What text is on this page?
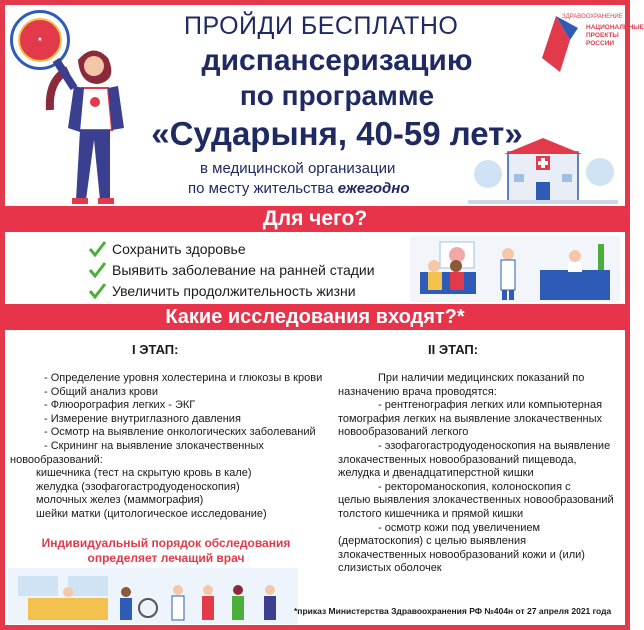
★
ЗДРАВООХРАНЕНИЕ
НАЦИОНАЛЬНЫЕ
ПРОЕКТЫ
РОССИИ
ПРОЙДИ БЕСПЛАТНО
диспансеризацию
по программе
«Сударыня, 40-59 лет»
в медицинской организации
по месту жительства ежегодно
Для чего?
Сохранить здоровье
Выявить заболевание на ранней стадии
Увеличить продолжительность жизни
Какие исследования входят?*
I ЭТАП:	II ЭТАП:
- Определение уровня холестерина и глюкозы в крови
- Общий анализ крови
- Флюорография легких - ЭКГ
- Измерение внутриглазного давления
- Осмотр на выявление онкологических заболеваний
- Скрининг на выявление злокачественных
новообразований:
кишечника (тест на скрытую кровь в кале)
желудка (эзофагогастродуоденоскопия)
молочных желез (маммография)
шейки матки (цитологическое исследование)
При наличии медицинских показаний по
назначению врача проводятся:
- рентгенография легких или компьютерная
томография легких на выявление злокачественных
новообразований легкого
- эзофагогастродуоденоскопия на выявление
злокачественных новообразований пищевода,
желудка и двенадцатиперстной кишки
- ректороманоскопия, колоноскопия с
целью выявления злокачественных новообразований
толстого кишечника и прямой кишки
- осмотр кожи под увеличением
(дерматоскопия) с целью выявления
злокачественных новообразований кожи и (или)
слизистых оболочек
Индивидуальный порядок обследования
определяет лечащий врач
*приказ Министерства Здравоохранения РФ №404н от 27 апреля 2021 года
